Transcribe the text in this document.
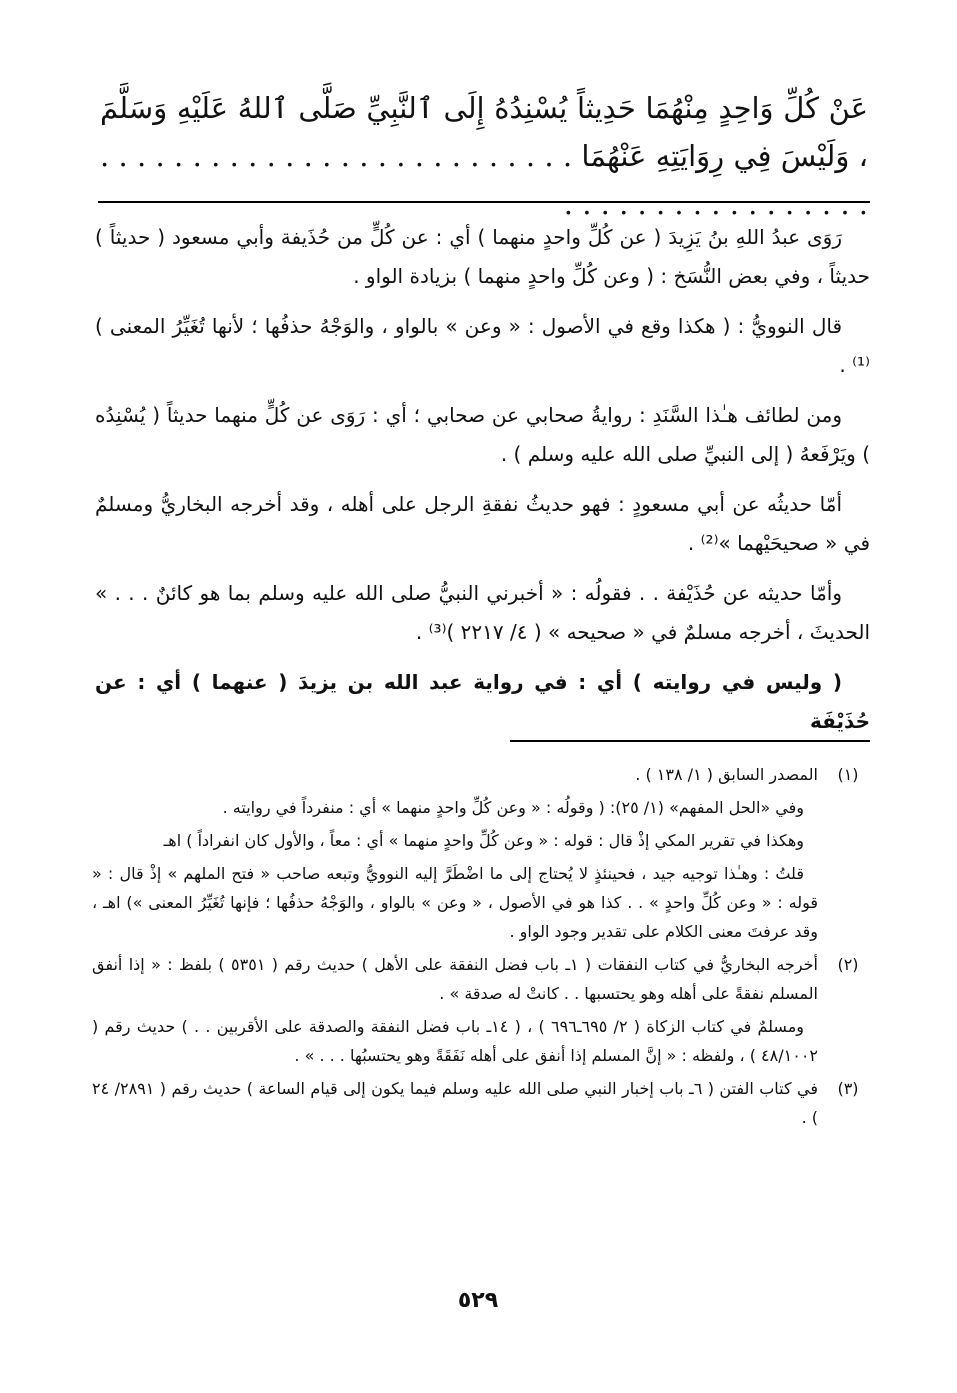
عَنْ كُلِّ وَاحِدٍ مِنْهُمَا حَدِيثاً يُسْنِدُهُ إِلَى ٱلنَّبِيِّ صَلَّى ٱللهُ عَلَيْهِ وَسَلَّمَ ، وَلَيْسَ فِي رِوَايَتِهِ عَنْهُمَا . . . . . . . . . . . . . . . . . . . . . . . . . . . . . . . . . . . . . . . . . . .

رَوَى عبدُ اللهِ بنُ يَزِيدَ ( عن كُلِّ واحدٍ منهما ) أي : عن كُلٍّ من حُذَيفة وأبي مسعود ( حديثاً ) حديثاً ، وفي بعض النُّسَخ : ( وعن كُلِّ واحدٍ منهما ) بزيادة الواو .

قال النوويُّ : ( هكذا وقع في الأصول : « وعن » بالواو ، والوَجْهُ حذفُها ؛ لأنها تُغَيِّرُ المعنى )⁽¹⁾ .

ومن لطائف هـٰذا السَّنَدِ : روايةُ صحابي عن صحابي ؛ أي : رَوَى عن كُلٍّ منهما حديثاً ( يُسْنِدُه ) ويَرْفَعهُ ( إلى النبيِّ صلى الله عليه وسلم ) .

أمّا حديثُه عن أبي مسعودٍ : فهو حديثُ نفقةِ الرجل على أهله ، وقد أخرجه البخاريُّ ومسلمٌ في « صحيحَيْهما »⁽²⁾ .

وأمّا حديثه عن حُذَيْفة . . فقولُه : « أخبرني النبيُّ صلى الله عليه وسلم بما هو كائنٌ . . . » الحديثَ ، أخرجه مسلمٌ في « صحيحه » ( ٤/ ٢٢١٧ )⁽³⁾ .

( وليس في روايته ) أي : في رواية عبد الله بن يزيدَ ( عنهما ) أي : عن حُذَيْفَة

(١)

المصدر السابق ( ١/ ١٣٨ ) .

وفي «الحل المفهم» (١/ ٢٥): ( وقولُه : « وعن كُلِّ واحدٍ منهما » أي : منفرداً في روايته .

وهكذا في تقرير المكي إذْ قال : قوله : « وعن كُلِّ واحدٍ منهما » أي : معاً ، والأول كان انفراداً ) اهـ

قلتُ : وهـٰذا توجيه جيد ، فحينئذٍ لا يُحتاج إلى ما اضْطَرَّ إليه النوويُّ وتبعه صاحب « فتح الملهم » إذْ قال : « قوله : « وعن كُلِّ واحدٍ » . . كذا هو في الأصول ، « وعن » بالواو ، والوَجْهُ حذفُها ؛ فإنها تُغَيِّرُ المعنى ») اهـ ، وقد عرفتَ معنى الكلام على تقدير وجود الواو .

(٢)

أخرجه البخاريُّ في كتاب النفقات ( ١ـ باب فضل النفقة على الأهل ) حديث رقم ( ٥٣٥١ ) بلفظ : « إذا أنفق المسلم نفقةً على أهله وهو يحتسبها . . كانتْ له صدقة » .

ومسلمٌ في كتاب الزكاة ( ٢/ ٦٩٥ـ٦٩٦ ) ، ( ١٤ـ باب فضل النفقة والصدقة على الأقربين . . ) حديث رقم ( ٤٨/١٠٠٢ ) ، ولفظه : « إنَّ المسلم إذا أنفق على أهله نَفَقَةً وهو يحتسبُها . . . » .

(٣)

في كتاب الفتن ( ٦ـ باب إخبار النبي صلى الله عليه وسلم فيما يكون إلى قيام الساعة ) حديث رقم ( ٢٨٩١/ ٢٤ ) .

٥٢٩
